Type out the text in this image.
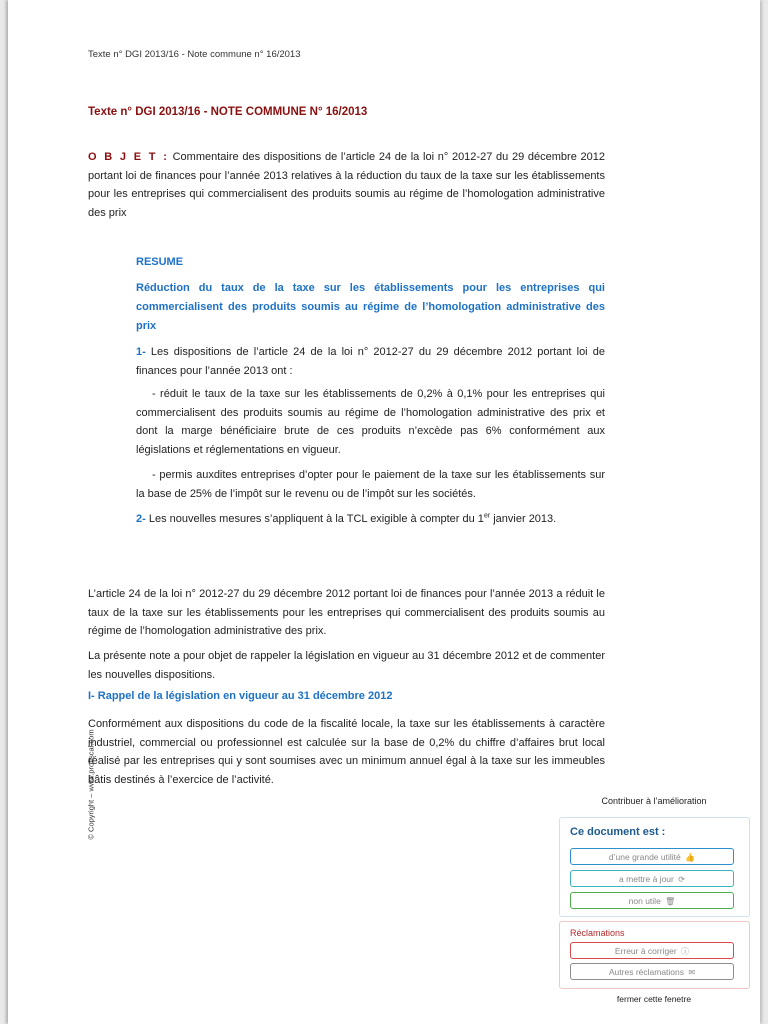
Texte n° DGI 2013/16 - Note commune n° 16/2013
Texte n° DGI 2013/16 - NOTE COMMUNE N° 16/2013
O B J E T : Commentaire des dispositions de l’article 24 de la loi n° 2012-27 du 29 décembre 2012 portant loi de finances pour l’année 2013 relatives à la réduction du taux de la taxe sur les établissements pour les entreprises qui commercialisent des produits soumis au régime de l’homologation administrative des prix
RESUME
Réduction du taux de la taxe sur les établissements pour les entreprises qui commercialisent des produits soumis au régime de l’homologation administrative des prix
1- Les dispositions de l’article 24 de la loi n° 2012-27 du 29 décembre 2012 portant loi de finances pour l’année 2013 ont :
- réduit le taux de la taxe sur les établissements de 0,2% à 0,1% pour les entreprises qui commercialisent des produits soumis au régime de l’homologation administrative des prix et dont la marge bénéficiaire brute de ces produits n’excède pas 6% conformément aux législations et réglementations en vigueur.
- permis auxdites entreprises d’opter pour le paiement de la taxe sur les établissements sur la base de 25% de l’impôt sur le revenu ou de l’impôt sur les sociétés.
2- Les nouvelles mesures s’appliquent à la TCL exigible à compter du 1er janvier 2013.
L’article 24 de la loi n° 2012-27 du 29 décembre 2012 portant loi de finances pour l’année 2013 a réduit le taux de la taxe sur les établissements pour les entreprises qui commercialisent des produits soumis au régime de l’homologation administrative des prix.
La présente note a pour objet de rappeler la législation en vigueur au 31 décembre 2012 et de commenter les nouvelles dispositions.
I- Rappel de la législation en vigueur au 31 décembre 2012
Conformément aux dispositions du code de la fiscalité locale, la taxe sur les établissements à caractère industriel, commercial ou professionnel est calculée sur la base de 0,2% du chiffre d’affaires brut local réalisé par les entreprises qui y sont soumises avec un minimum annuel égal à la taxe sur les immeubles bâtis destinés à l’exercice de l’activité.
© Copyright – www.profiscal.com	Contribuer à l’amélioration
Ce document est :
d’une grande utilité 👍
a mettre à jour ⟳
non utile 🗑
Réclamations
Erreur à corriger ⓘ
Autres réclamations ✉
fermer cette fenetre
